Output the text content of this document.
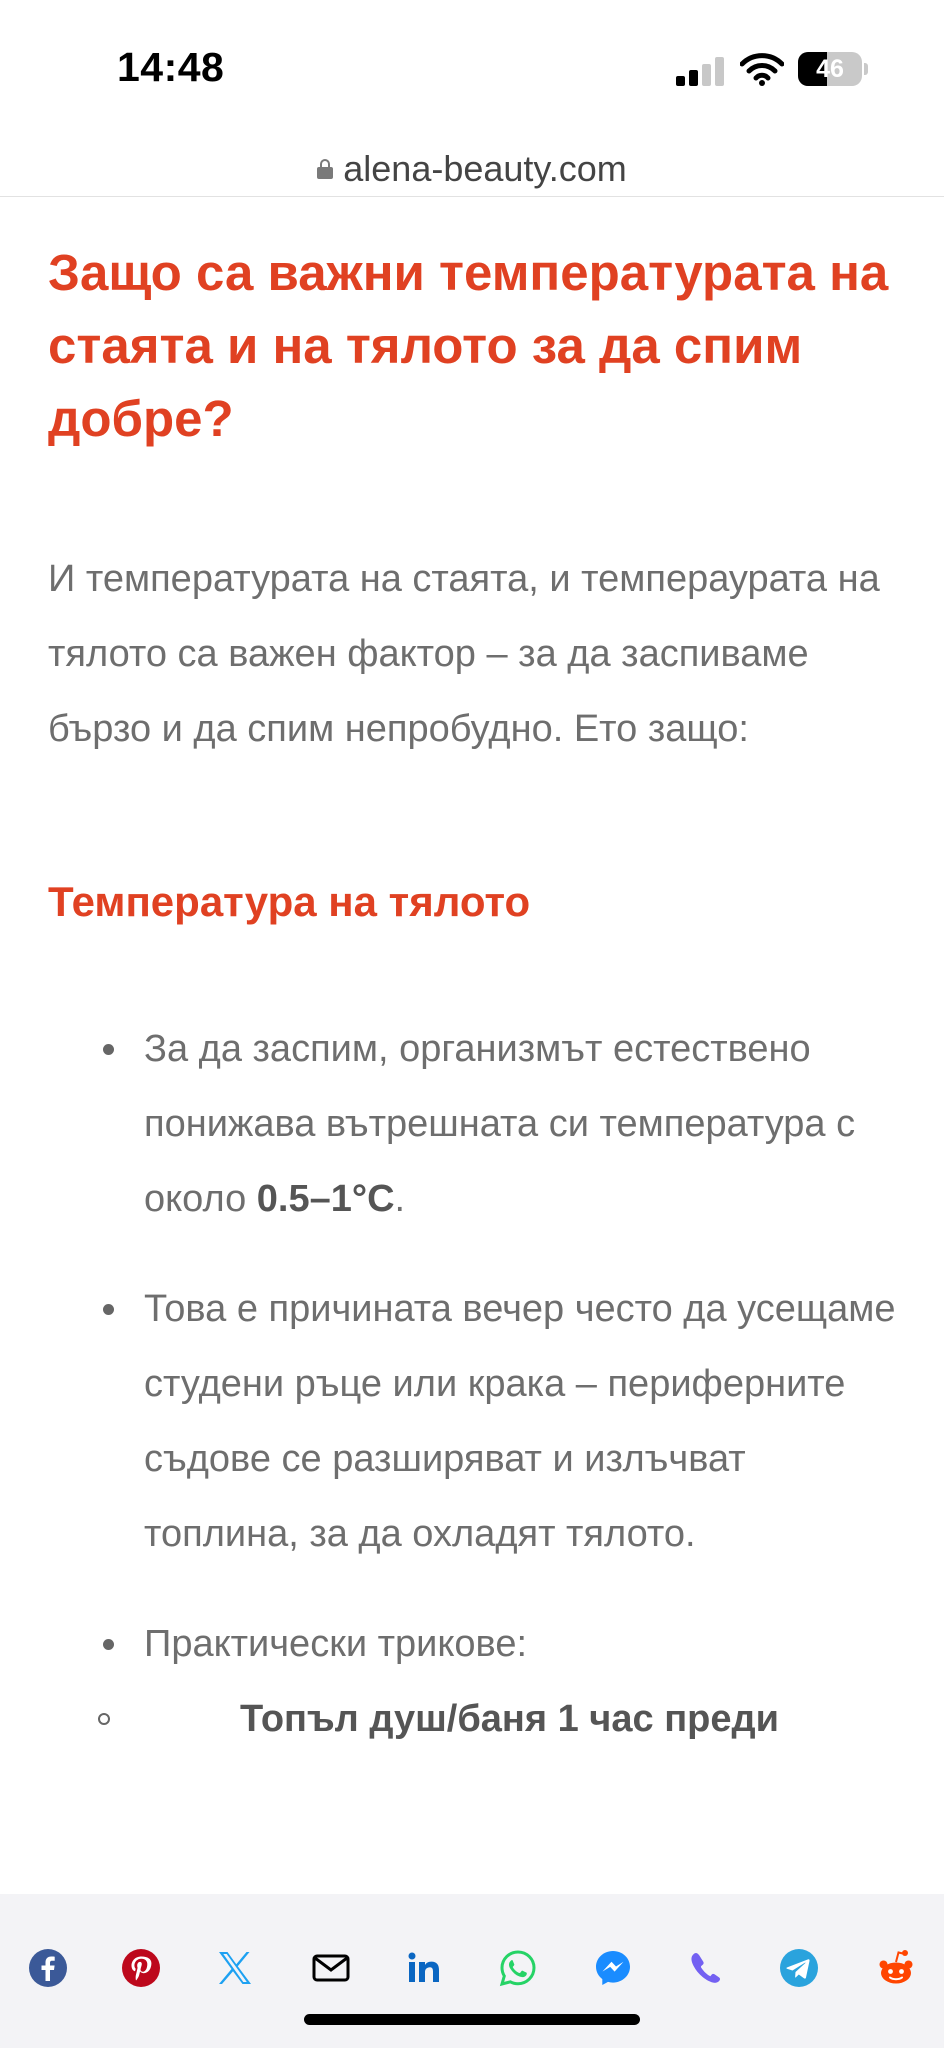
14:48	46
alena-beauty.com
Защо са важни температурата на стаята и на тялото за да спим добре?

И температурата на стаята, и темпераурата на тялото са важен фактор – за да заспиваме бързо и да спим непробудно. Ето защо:

Температура на тялото
За да заспим, организмът естествено понижава вътрешната си температура с около 0.5–1°C.
Това е причината вечер често да усещаме студени ръце или крака – периферните съдове се разширяват и излъчват топлина, за да охладят тялото.
Практически трикове:
Топъл душ/баня 1 час преди
